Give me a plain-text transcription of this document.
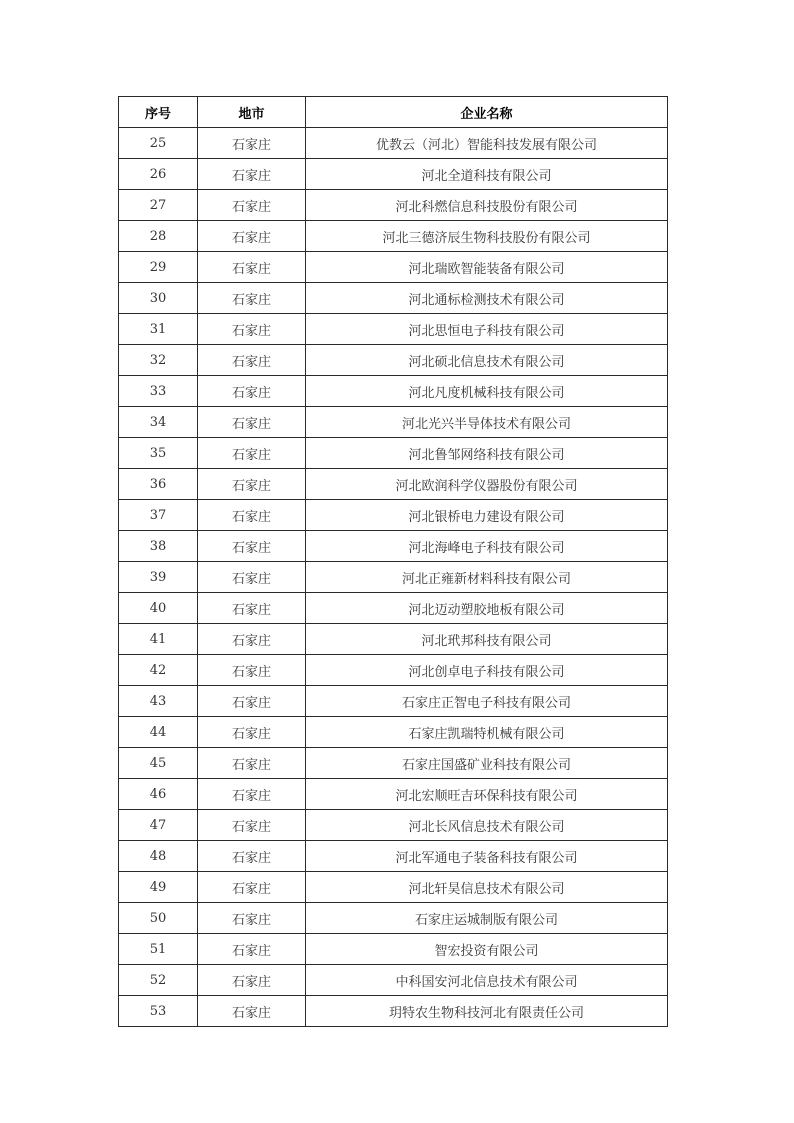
序号	地市	企业名称
25	石家庄	优教云（河北）智能科技发展有限公司
26	石家庄	河北全道科技有限公司
27	石家庄	河北科燃信息科技股份有限公司
28	石家庄	河北三德济辰生物科技股份有限公司
29	石家庄	河北瑞欧智能装备有限公司
30	石家庄	河北通标检测技术有限公司
31	石家庄	河北思恒电子科技有限公司
32	石家庄	河北硕北信息技术有限公司
33	石家庄	河北凡度机械科技有限公司
34	石家庄	河北光兴半导体技术有限公司
35	石家庄	河北鲁邹网络科技有限公司
36	石家庄	河北欧润科学仪器股份有限公司
37	石家庄	河北银桥电力建设有限公司
38	石家庄	河北海峰电子科技有限公司
39	石家庄	河北正雍新材料科技有限公司
40	石家庄	河北迈动塑胶地板有限公司
41	石家庄	河北玳邦科技有限公司
42	石家庄	河北创卓电子科技有限公司
43	石家庄	石家庄正智电子科技有限公司
44	石家庄	石家庄凯瑞特机械有限公司
45	石家庄	石家庄国盛矿业科技有限公司
46	石家庄	河北宏顺旺吉环保科技有限公司
47	石家庄	河北长风信息技术有限公司
48	石家庄	河北军通电子装备科技有限公司
49	石家庄	河北轩昊信息技术有限公司
50	石家庄	石家庄运城制版有限公司
51	石家庄	智宏投资有限公司
52	石家庄	中科国安河北信息技术有限公司
53	石家庄	玥特农生物科技河北有限责任公司
